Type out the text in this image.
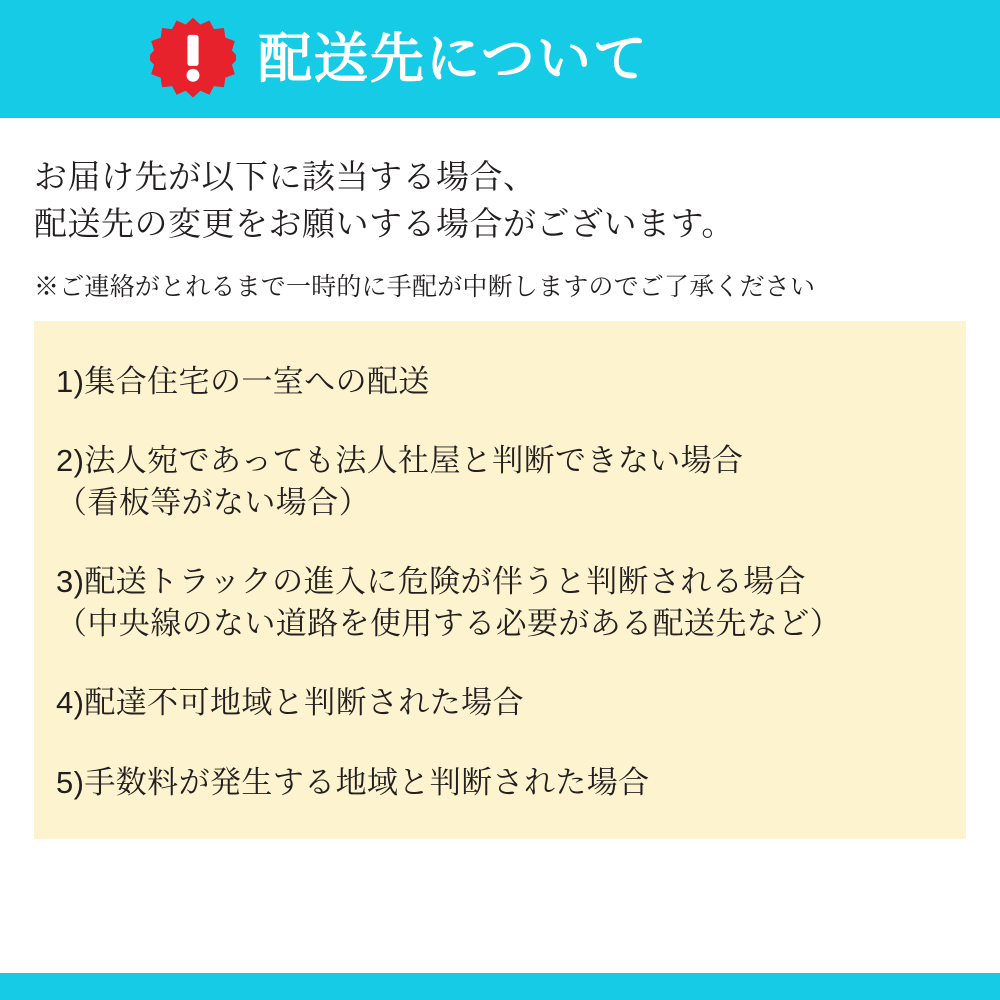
配送先について

お届け先が以下に該当する場合、
配送先の変更をお願いする場合がございます。

※ご連絡がとれるまで一時的に手配が中断しますのでご了承ください

1)集合住宅の一室への配送

2)法人宛であっても法人社屋と判断できない場合
（看板等がない場合）

3)配送トラックの進入に危険が伴うと判断される場合
（中央線のない道路を使用する必要がある配送先など）

4)配達不可地域と判断された場合

5)手数料が発生する地域と判断された場合
